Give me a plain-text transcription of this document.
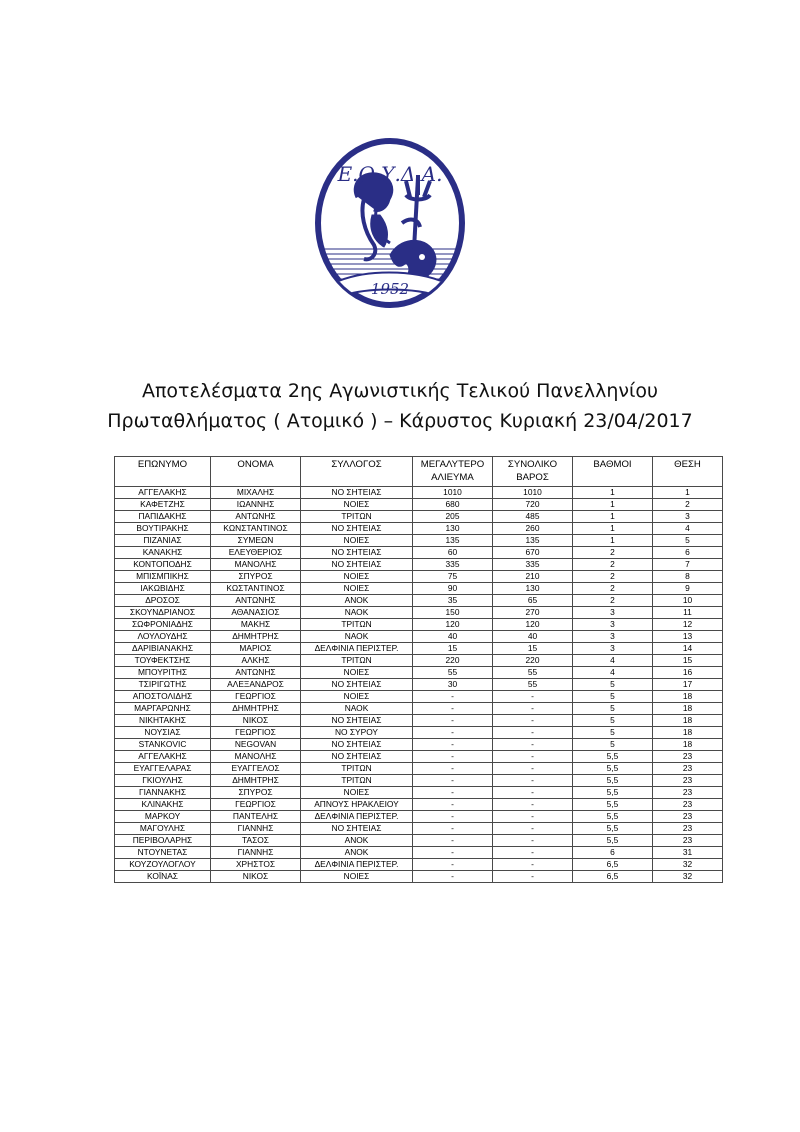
Ε.Ο.Υ.Δ.Α.
1952
Αποτελέσματα 2ης Αγωνιστικής Τελικού Πανελληνίου
Πρωταθλήματος ( Ατομικό ) – Κάρυστος Κυριακή 23/04/2017
ΕΠΩΝΥΜΟ	ΟΝΟΜΑ	ΣΥΛΛΟΓΟΣ	ΜΕΓΑΛΥΤΕΡΟ ΑΛΙΕΥΜΑ	ΣΥΝΟΛΙΚΟ ΒΑΡΟΣ	ΒΑΘΜΟΙ	ΘΕΣΗ
ΑΓΓΕΛΑΚΗΣ	ΜΙΧΑΛΗΣ	ΝΟ ΣΗΤΕΙΑΣ	1010	1010	1	1
ΚΑΦΕΤΖΗΣ	ΙΩΑΝΝΗΣ	ΝΟΙΕΣ	680	720	1	2
ΠΑΠΙΔΑΚΗΣ	ΑΝΤΩΝΗΣ	ΤΡΙΤΩΝ	205	485	1	3
ΒΟΥΤΙΡΑΚΗΣ	ΚΩΝΣΤΑΝΤΙΝΟΣ	ΝΟ ΣΗΤΕΙΑΣ	130	260	1	4
ΠΙΖΑΝΙΑΣ	ΣΥΜΕΩΝ	ΝΟΙΕΣ	135	135	1	5
ΚΑΝΑΚΗΣ	ΕΛΕΥΘΕΡΙΟΣ	ΝΟ ΣΗΤΕΙΑΣ	60	670	2	6
ΚΟΝΤΟΠΟΔΗΣ	ΜΑΝΟΛΗΣ	ΝΟ ΣΗΤΕΙΑΣ	335	335	2	7
ΜΠΙΣΜΠΙΚΗΣ	ΣΠΥΡΟΣ	ΝΟΙΕΣ	75	210	2	8
ΙΑΚΩΒΙΔΗΣ	ΚΩΣΤΑΝΤΙΝΟΣ	ΝΟΙΕΣ	90	130	2	9
ΔΡΟΣΟΣ	ΑΝΤΩΝΗΣ	ΑΝΟΚ	35	65	2	10
ΣΚΟΥΝΔΡΙΑΝΟΣ	ΑΘΑΝΑΣΙΟΣ	ΝΑΟΚ	150	270	3	11
ΣΩΦΡΟΝΙΑΔΗΣ	ΜΑΚΗΣ	ΤΡΙΤΩΝ	120	120	3	12
ΛΟΥΛΟΥΔΗΣ	ΔΗΜΗΤΡΗΣ	ΝΑΟΚ	40	40	3	13
ΔΑΡΙΒΙΑΝΑΚΗΣ	ΜΑΡΙΟΣ	ΔΕΛΦΙΝΙΑ ΠΕΡΙΣΤΕΡ.	15	15	3	14
ΤΟΥΦΕΚΤΣΗΣ	ΑΛΚΗΣ	ΤΡΙΤΩΝ	220	220	4	15
ΜΠΟΥΡΙΤΗΣ	ΑΝΤΩΝΗΣ	ΝΟΙΕΣ	55	55	4	16
ΤΣΙΡΙΓΩΤΗΣ	ΑΛΕΞΑΝΔΡΟΣ	ΝΟ ΣΗΤΕΙΑΣ	30	55	5	17
ΑΠΟΣΤΟΛΙΔΗΣ	ΓΕΩΡΓΙΟΣ	ΝΟΙΕΣ	-	-	5	18
ΜΑΡΓΑΡΩΝΗΣ	ΔΗΜΗΤΡΗΣ	ΝΑΟΚ	-	-	5	18
ΝΙΚΗΤΑΚΗΣ	ΝΙΚΟΣ	ΝΟ ΣΗΤΕΙΑΣ	-	-	5	18
ΝΟΥΣΙΑΣ	ΓΕΩΡΓΙΟΣ	ΝΟ ΣΥΡΟΥ	-	-	5	18
STANKOVIC	NEGOVAN	ΝΟ ΣΗΤΕΙΑΣ	-	-	5	18
ΑΓΓΕΛΑΚΗΣ	ΜΑΝΟΛΗΣ	ΝΟ ΣΗΤΕΙΑΣ	-	-	5,5	23
ΕΥΑΓΓΕΛΑΡΑΣ	ΕΥΑΓΓΕΛΟΣ	ΤΡΙΤΩΝ	-	-	5,5	23
ΓΚΙΟΥΛΗΣ	ΔΗΜΗΤΡΗΣ	ΤΡΙΤΩΝ	-	-	5,5	23
ΓΙΑΝΝΑΚΗΣ	ΣΠΥΡΟΣ	ΝΟΙΕΣ	-	-	5,5	23
ΚΛΙΝΑΚΗΣ	ΓΕΩΡΓΙΟΣ	ΑΠΝΟΥΣ ΗΡΑΚΛΕΙΟΥ	-	-	5,5	23
ΜΑΡΚΟΥ	ΠΑΝΤΕΛΗΣ	ΔΕΛΦΙΝΙΑ ΠΕΡΙΣΤΕΡ.	-	-	5,5	23
ΜΑΓΟΥΛΗΣ	ΓΙΑΝΝΗΣ	ΝΟ ΣΗΤΕΙΑΣ	-	-	5,5	23
ΠΕΡΙΒΟΛΑΡΗΣ	ΤΑΣΟΣ	ΑΝΟΚ	-	-	5,5	23
ΝΤΟΥΝΕΤΑΣ	ΓΙΑΝΝΗΣ	ΑΝΟΚ	-	-	6	31
ΚΟΥΖΟΥΛΟΓΛΟΥ	ΧΡΗΣΤΟΣ	ΔΕΛΦΙΝΙΑ ΠΕΡΙΣΤΕΡ.	-	-	6,5	32
ΚΟΪΝΑΣ	ΝΙΚΟΣ	ΝΟΙΕΣ	-	-	6,5	32
